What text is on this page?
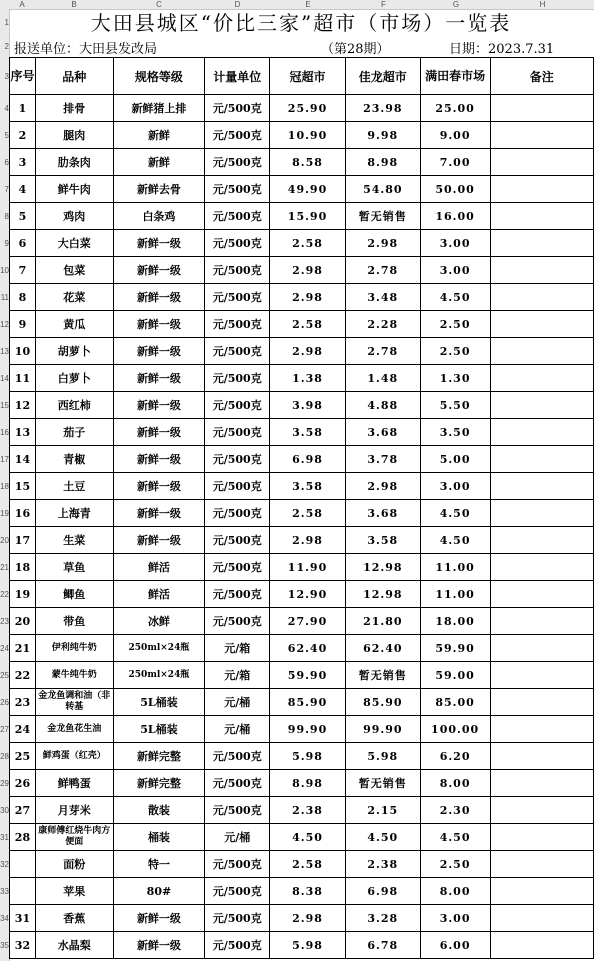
A	B	C	D	E	F	G	H
1
2
3
4
5
6
7
8
9
10
11
12
13
14
15
16
17
18
19
20
21
22
23
24
25
26
27
28
29
30
31
32
33
34
35
大田县城区“价比三家”超市（市场）一览表
报送单位：大田县发改局	（第28期）	日期：2023.7.31
序号	品种	规格等级	计量单位	冠超市	佳龙超市	满田春市场	备注
1	排骨	新鲜猪上排	元/500克	25.90	23.98	25.00	
2	腿肉	新鲜	元/500克	10.90	9.98	9.00	
3	肋条肉	新鲜	元/500克	8.58	8.98	7.00	
4	鲜牛肉	新鲜去骨	元/500克	49.90	54.80	50.00	
5	鸡肉	白条鸡	元/500克	15.90	暂无销售	16.00	
6	大白菜	新鲜一级	元/500克	2.58	2.98	3.00	
7	包菜	新鲜一级	元/500克	2.98	2.78	3.00	
8	花菜	新鲜一级	元/500克	2.98	3.48	4.50	
9	黄瓜	新鲜一级	元/500克	2.58	2.28	2.50	
10	胡萝卜	新鲜一级	元/500克	2.98	2.78	2.50	
11	白萝卜	新鲜一级	元/500克	1.38	1.48	1.30	
12	西红柿	新鲜一级	元/500克	3.98	4.88	5.50	
13	茄子	新鲜一级	元/500克	3.58	3.68	3.50	
14	青椒	新鲜一级	元/500克	6.98	3.78	5.00	
15	土豆	新鲜一级	元/500克	3.58	2.98	3.00	
16	上海青	新鲜一级	元/500克	2.58	3.68	4.50	
17	生菜	新鲜一级	元/500克	2.98	3.58	4.50	
18	草鱼	鲜活	元/500克	11.90	12.98	11.00	
19	鲫鱼	鲜活	元/500克	12.90	12.98	11.00	
20	带鱼	冰鲜	元/500克	27.90	21.80	18.00	
21	伊利纯牛奶	250ml×24瓶	元/箱	62.40	62.40	59.90	
22	蒙牛纯牛奶	250ml×24瓶	元/箱	59.90	暂无销售	59.00	
23	金龙鱼调和油（非转基	5L桶装	元/桶	85.90	85.90	85.00	
24	金龙鱼花生油	5L桶装	元/桶	99.90	99.90	100.00	
25	鲜鸡蛋（红壳）	新鲜完整	元/500克	5.98	5.98	6.20	
26	鲜鸭蛋	新鲜完整	元/500克	8.98	暂无销售	8.00	
27	月芽米	散装	元/500克	2.38	2.15	2.30	
28	康师傅红烧牛肉方便面	桶装	元/桶	4.50	4.50	4.50	
	面粉	特一	元/500克	2.58	2.38	2.50	
	苹果	80#	元/500克	8.38	6.98	8.00	
31	香蕉	新鲜一级	元/500克	2.98	3.28	3.00	
32	水晶梨	新鲜一级	元/500克	5.98	6.78	6.00	
